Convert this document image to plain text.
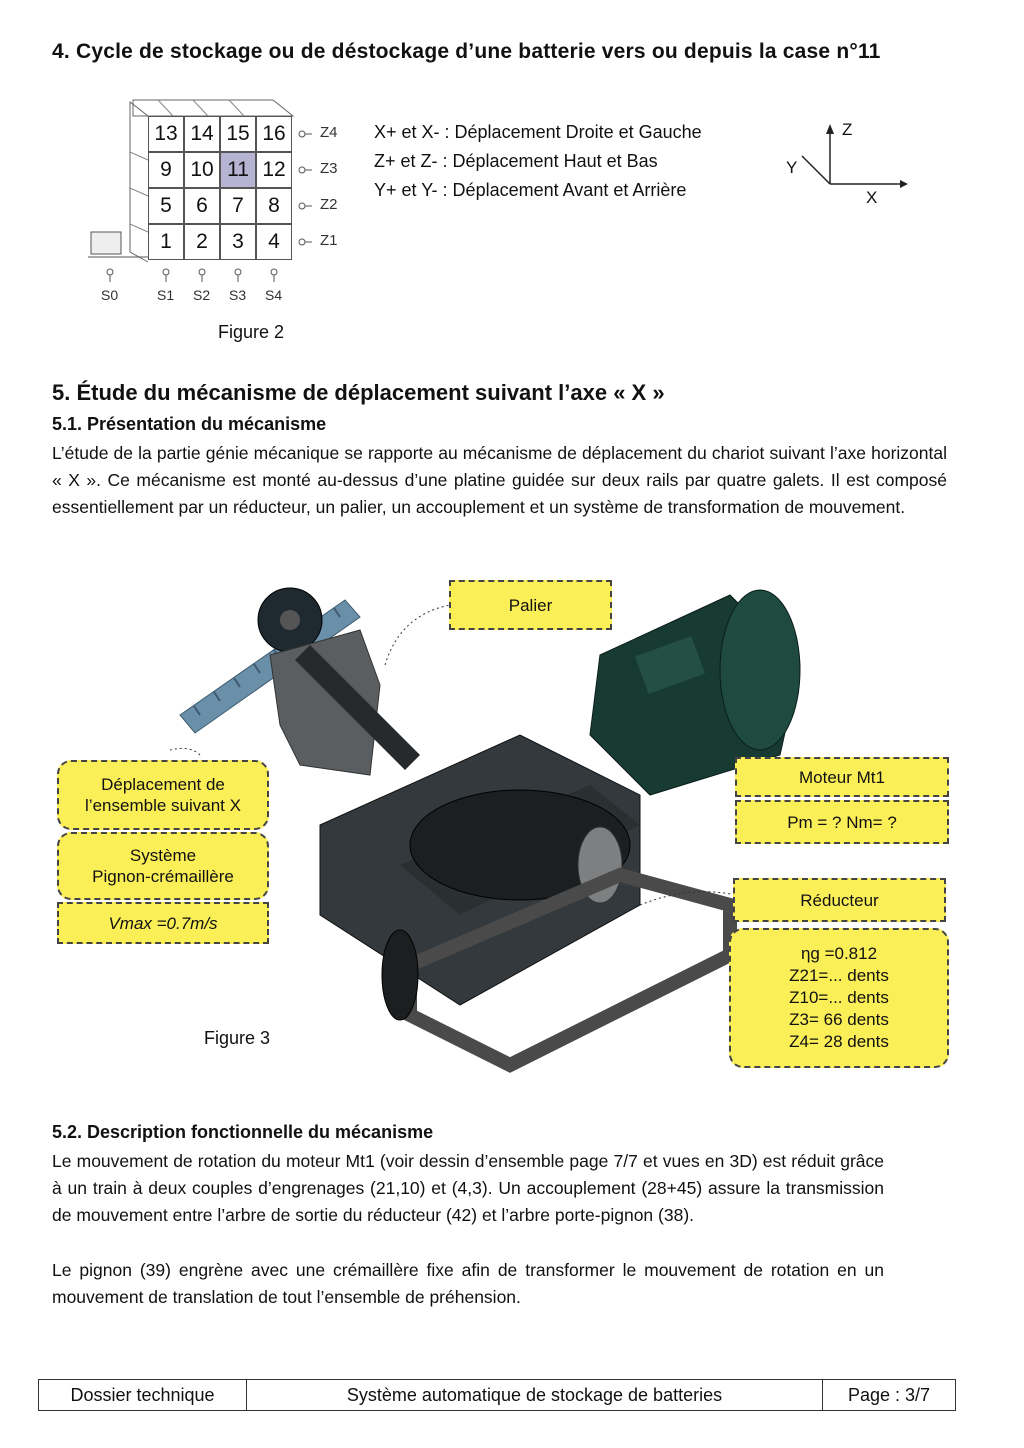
4. Cycle de stockage ou de déstockage d’une batterie vers ou depuis la case n°11
13 14 15 16
9 10 11 12
5	6	7	8
1	2	3	4
Z4
Z3
Z2
Z1
S0	S1 S2 S3 S4
Figure 2
X+ et X- : Déplacement Droite et Gauche
Z+ et Z- : Déplacement Haut et Bas
Y+ et Y- : Déplacement Avant et Arrière
Z
Y
X
5. Étude du mécanisme de déplacement suivant l’axe « X »
5.1. Présentation du mécanisme

L’étude de la partie génie mécanique se rapporte au mécanisme de déplacement du chariot suivant l’axe horizontal « X ». Ce mécanisme est monté au-dessus d’une platine guidée sur deux rails par quatre galets. Il est composé essentiellement par un réducteur, un palier, un accouplement et un système de transformation de mouvement.

Palier
Déplacement de
l’ensemble suivant X
Système
Pignon-crémaillère
Vmax =0.7m/s
Moteur Mt1
Pm = ? Nm= ?
Réducteur
ηg =0.812
Z21=... dents
Z10=... dents
Z3= 66 dents
Z4= 28 dents
Figure 3
5.2. Description fonctionnelle du mécanisme

Le mouvement de rotation du moteur Mt1 (voir dessin d’ensemble page 7/7 et vues en 3D) est réduit grâce à un train à deux couples d’engrenages (21,10) et (4,3). Un accouplement (28+45) assure la transmission de mouvement entre l’arbre de sortie du réducteur (42) et l’arbre porte-pignon (38).

Le pignon (39) engrène avec une crémaillère fixe afin de transformer le mouvement de rotation en un mouvement de translation de tout l’ensemble de préhension.

Dossier technique	Système automatique de stockage de batteries	Page : 3/7
